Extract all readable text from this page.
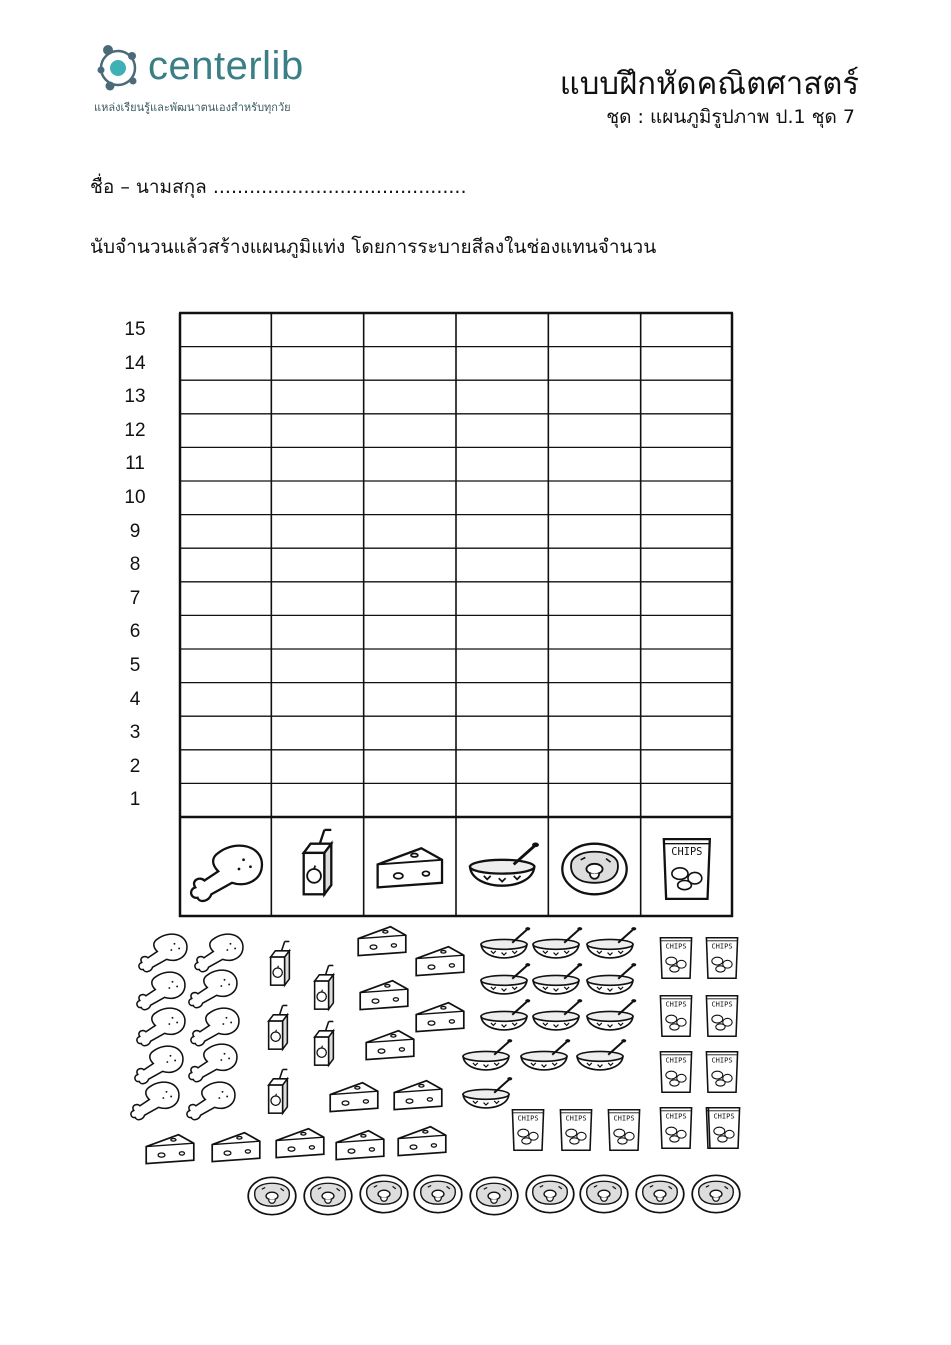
centerlib
แหล่งเรียนรู้และพัฒนาตนเองสำหรับทุกวัย
แบบฝึกหัดคณิตศาสตร์
ชุด : แผนภูมิรูปภาพ ป.1 ชุด 7
ชื่อ – นามสกุล ..........................................
นับจำนวนแล้วสร้างแผนภูมิแท่ง โดยการระบายสีลงในช่องแทนจำนวน
15
14
13
12
11
10
9
8
7
6
5
4
3
2
1
CHIPS
